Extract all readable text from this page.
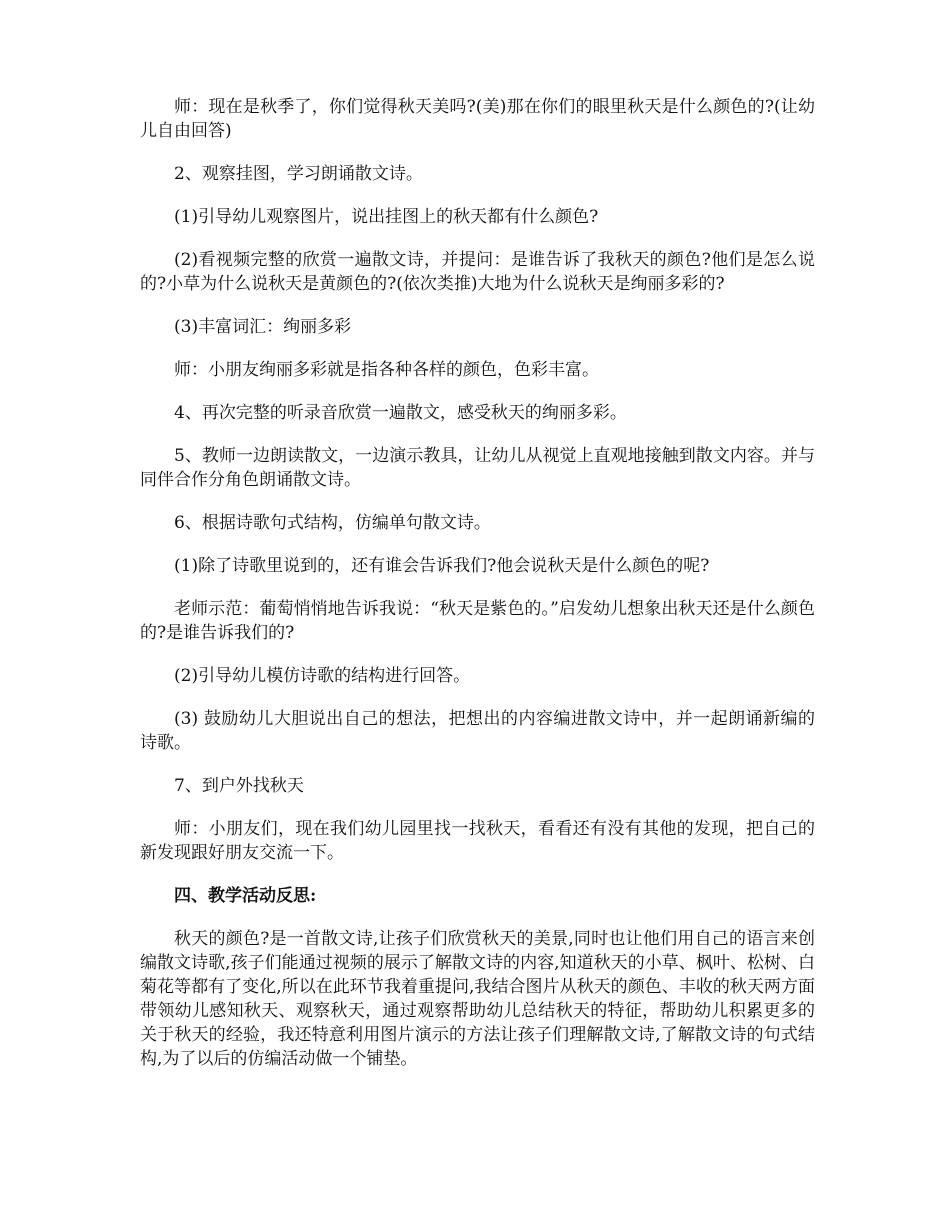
师：现在是秋季了，你们觉得秋天美吗?(美)那在你们的眼里秋天是什么颜色的?(让幼儿自由回答)

2、观察挂图，学习朗诵散文诗。

(1)引导幼儿观察图片，说出挂图上的秋天都有什么颜色?

(2)看视频完整的欣赏一遍散文诗，并提问：是谁告诉了我秋天的颜色?他们是怎么说的?小草为什么说秋天是黄颜色的?(依次类推)大地为什么说秋天是绚丽多彩的?

(3)丰富词汇：绚丽多彩

师：小朋友绚丽多彩就是指各种各样的颜色，色彩丰富。

4、再次完整的听录音欣赏一遍散文，感受秋天的绚丽多彩。

5、教师一边朗读散文，一边演示教具，让幼儿从视觉上直观地接触到散文内容。并与同伴合作分角色朗诵散文诗。

6、根据诗歌句式结构，仿编单句散文诗。

(1)除了诗歌里说到的，还有谁会告诉我们?他会说秋天是什么颜色的呢?

老师示范：葡萄悄悄地告诉我说：“秋天是紫色的。”启发幼儿想象出秋天还是什么颜色的?是谁告诉我们的?

(2)引导幼儿模仿诗歌的结构进行回答。

(3) 鼓励幼儿大胆说出自己的想法，把想出的内容编进散文诗中，并一起朗诵新编的诗歌。

7、到户外找秋天

师：小朋友们，现在我们幼儿园里找一找秋天，看看还有没有其他的发现，把自己的新发现跟好朋友交流一下。

四、教学活动反思:

秋天的颜色?是一首散文诗,让孩子们欣赏秋天的美景,同时也让他们用自己的语言来创编散文诗歌,孩子们能通过视频的展示了解散文诗的内容,知道秋天的小草、枫叶、松树、白菊花等都有了变化,所以在此环节我着重提问,我结合图片从秋天的颜色、丰收的秋天两方面带领幼儿感知秋天、观察秋天，通过观察帮助幼儿总结秋天的特征，帮助幼儿积累更多的关于秋天的经验，我还特意利用图片演示的方法让孩子们理解散文诗,了解散文诗的句式结构,为了以后的仿编活动做一个铺垫。
